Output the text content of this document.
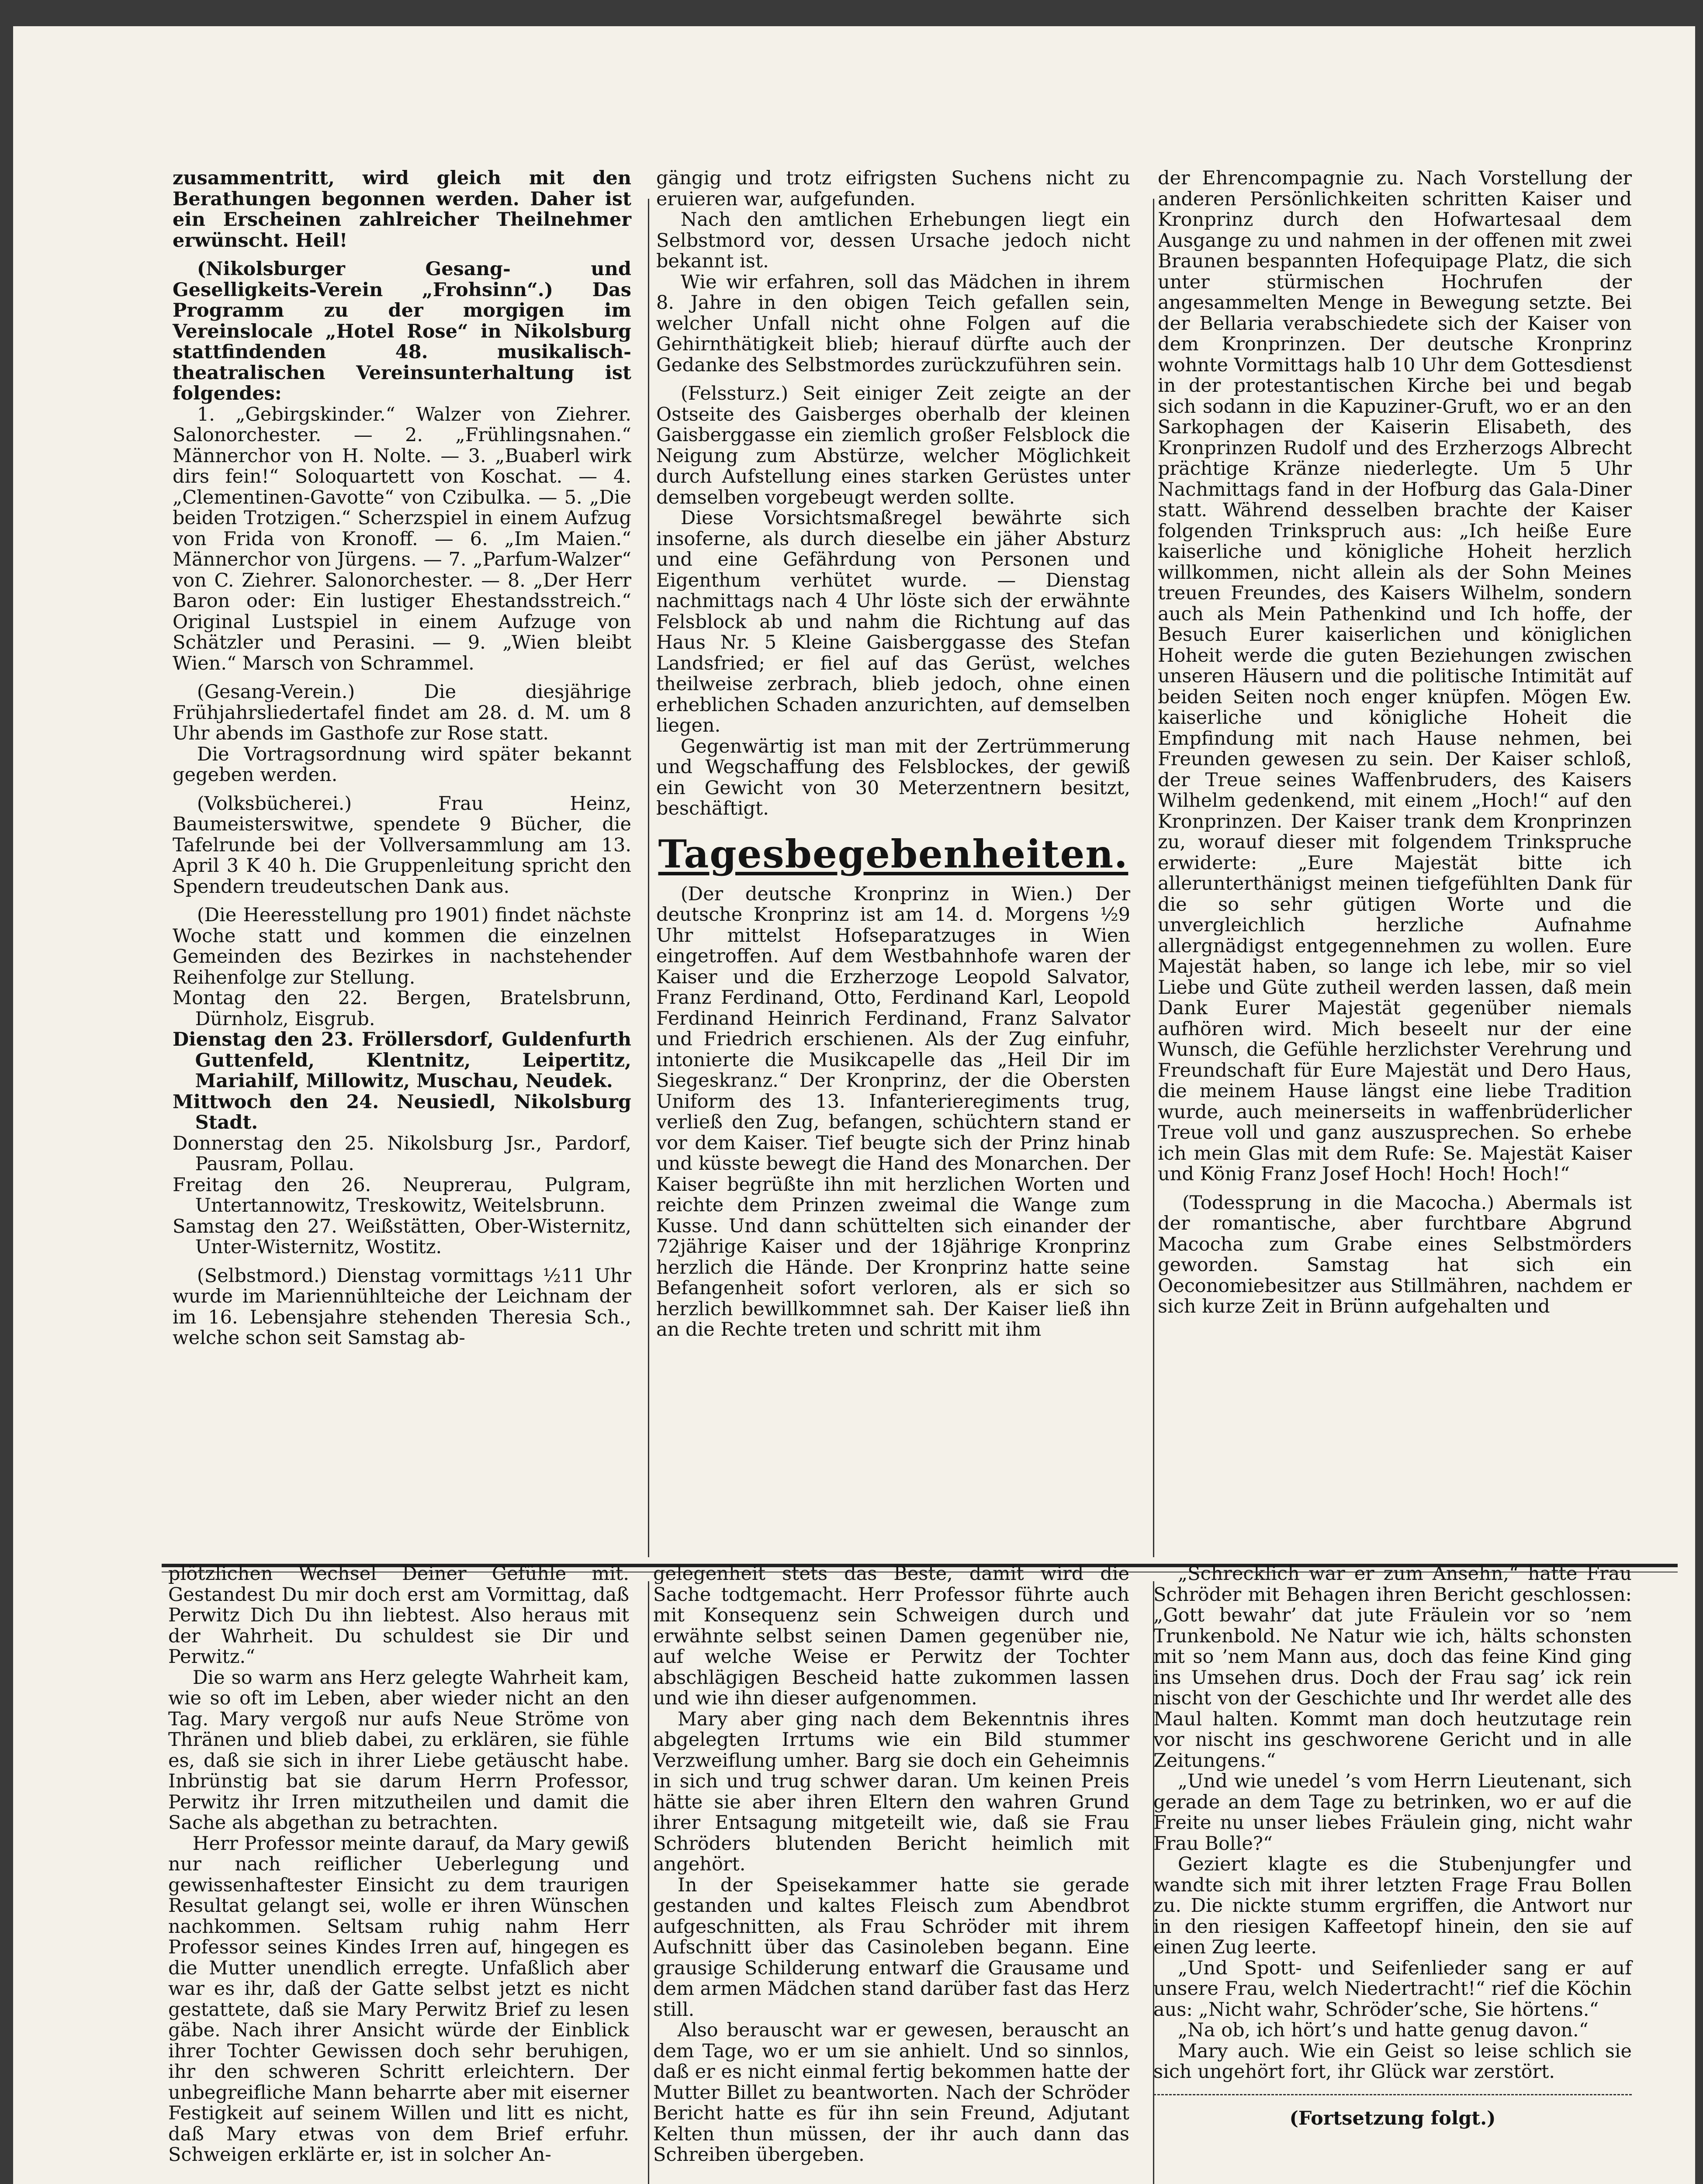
zusammentritt, wird gleich mit den Berathungen begonnen werden. Daher ist ein Erscheinen zahlreicher Theilnehmer erwünscht. Heil!

(Nikolsburger Gesang- und Geselligkeits-Verein „Frohsinn“.) Das Programm zu der morgigen im Vereinslocale „Hotel Rose“ in Nikolsburg stattfindenden 48. musikalisch-theatralischen Vereinsunterhaltung ist folgendes:

1. „Gebirgskinder.“ Walzer von Ziehrer. Salonorchester. — 2. „Frühlingsnahen.“ Männerchor von H. Nolte. — 3. „Buaberl wirk dirs fein!“ Soloquartett von Koschat. — 4. „Clementinen-Gavotte“ von Czibulka. — 5. „Die beiden Trotzigen.“ Scherzspiel in einem Aufzug von Frida von Kronoff. — 6. „Im Maien.“ Männerchor von Jürgens. — 7. „Parfum-Walzer“ von C. Ziehrer. Salonorchester. — 8. „Der Herr Baron oder: Ein lustiger Ehestandsstreich.“ Original Lustspiel in einem Aufzuge von Schätzler und Perasini. — 9. „Wien bleibt Wien.“ Marsch von Schrammel.

(Gesang-Verein.) Die diesjährige Frühjahrsliedertafel findet am 28. d. M. um 8 Uhr abends im Gasthofe zur Rose statt.

Die Vortragsordnung wird später bekannt gegeben werden.

(Volksbücherei.) Frau Heinz, Baumeisterswitwe, spendete 9 Bücher, die Tafelrunde bei der Vollversammlung am 13. April 3 K 40 h. Die Gruppenleitung spricht den Spendern treudeutschen Dank aus.

(Die Heeresstellung pro 1901) findet nächste Woche statt und kommen die einzelnen Gemeinden des Bezirkes in nachstehender Reihenfolge zur Stellung.

Montag den 22. Bergen, Bratelsbrunn, Dürnholz, Eisgrub.

Dienstag den 23. Fröllersdorf, Guldenfurth Guttenfeld, Klentnitz, Leipertitz, Mariahilf, Millowitz, Muschau, Neudek.

Mittwoch den 24. Neusiedl, Nikolsburg Stadt.

Donnerstag den 25. Nikolsburg Jsr., Pardorf, Pausram, Pollau.

Freitag den 26. Neuprerau, Pulgram, Untertannowitz, Treskowitz, Weitelsbrunn.

Samstag den 27. Weißstätten, Ober-Wisternitz, Unter-Wisternitz, Wostitz.

(Selbstmord.) Dienstag vormittags ½11 Uhr wurde im Mariennühlteiche der Leichnam der im 16. Lebensjahre stehenden Theresia Sch., welche schon seit Samstag ab-

gängig und trotz eifrigsten Suchens nicht zu eruieren war, aufgefunden.

Nach den amtlichen Erhebungen liegt ein Selbstmord vor, dessen Ursache jedoch nicht bekannt ist.

Wie wir erfahren, soll das Mädchen in ihrem 8. Jahre in den obigen Teich gefallen sein, welcher Unfall nicht ohne Folgen auf die Gehirnthätigkeit blieb; hierauf dürfte auch der Gedanke des Selbstmordes zurückzuführen sein.

(Felssturz.) Seit einiger Zeit zeigte an der Ostseite des Gaisberges oberhalb der kleinen Gaisberggasse ein ziemlich großer Felsblock die Neigung zum Abstürze, welcher Möglichkeit durch Aufstellung eines starken Gerüstes unter demselben vorgebeugt werden sollte.

Diese Vorsichtsmaßregel bewährte sich insoferne, als durch dieselbe ein jäher Absturz und eine Gefährdung von Personen und Eigenthum verhütet wurde. — Dienstag nachmittags nach 4 Uhr löste sich der erwähnte Felsblock ab und nahm die Richtung auf das Haus Nr. 5 Kleine Gaisberggasse des Stefan Landsfried; er fiel auf das Gerüst, welches theilweise zerbrach, blieb jedoch, ohne einen erheblichen Schaden anzurichten, auf demselben liegen.

Gegenwärtig ist man mit der Zertrümmerung und Wegschaffung des Felsblockes, der gewiß ein Gewicht von 30 Meterzentnern besitzt, beschäftigt.

Tagesbegebenheiten.

(Der deutsche Kronprinz in Wien.) Der deutsche Kronprinz ist am 14. d. Morgens ½9 Uhr mittelst Hofseparatzuges in Wien eingetroffen. Auf dem Westbahnhofe waren der Kaiser und die Erzherzoge Leopold Salvator, Franz Ferdinand, Otto, Ferdinand Karl, Leopold Ferdinand Heinrich Ferdinand, Franz Salvator und Friedrich erschienen. Als der Zug einfuhr, intonierte die Musikcapelle das „Heil Dir im Siegeskranz.“ Der Kronprinz, der die Obersten Uniform des 13. Infanterieregiments trug, verließ den Zug, befangen, schüchtern stand er vor dem Kaiser. Tief beugte sich der Prinz hinab und küsste bewegt die Hand des Monarchen. Der Kaiser begrüßte ihn mit herzlichen Worten und reichte dem Prinzen zweimal die Wange zum Kusse. Und dann schüttelten sich einander der 72jährige Kaiser und der 18jährige Kronprinz herzlich die Hände. Der Kronprinz hatte seine Befangenheit sofort verloren, als er sich so herzlich bewillkommnet sah. Der Kaiser ließ ihn an die Rechte treten und schritt mit ihm

der Ehrencompagnie zu. Nach Vorstellung der anderen Persönlichkeiten schritten Kaiser und Kronprinz durch den Hofwartesaal dem Ausgange zu und nahmen in der offenen mit zwei Braunen bespannten Hofequipage Platz, die sich unter stürmischen Hochrufen der angesammelten Menge in Bewegung setzte. Bei der Bellaria verabschiedete sich der Kaiser von dem Kronprinzen. Der deutsche Kronprinz wohnte Vormittags halb 10 Uhr dem Gottesdienst in der protestantischen Kirche bei und begab sich sodann in die Kapuziner-Gruft, wo er an den Sarkophagen der Kaiserin Elisabeth, des Kronprinzen Rudolf und des Erzherzogs Albrecht prächtige Kränze niederlegte. Um 5 Uhr Nachmittags fand in der Hofburg das Gala-Diner statt. Während desselben brachte der Kaiser folgenden Trinkspruch aus: „Ich heiße Eure kaiserliche und königliche Hoheit herzlich willkommen, nicht allein als der Sohn Meines treuen Freundes, des Kaisers Wilhelm, sondern auch als Mein Pathenkind und Ich hoffe, der Besuch Eurer kaiserlichen und königlichen Hoheit werde die guten Beziehungen zwischen unseren Häusern und die politische Intimität auf beiden Seiten noch enger knüpfen. Mögen Ew. kaiserliche und königliche Hoheit die Empfindung mit nach Hause nehmen, bei Freunden gewesen zu sein. Der Kaiser schloß, der Treue seines Waffenbruders, des Kaisers Wilhelm gedenkend, mit einem „Hoch!“ auf den Kronprinzen. Der Kaiser trank dem Kronprinzen zu, worauf dieser mit folgendem Trinkspruche erwiderte: „Eure Majestät bitte ich allerunterthänigst meinen tiefgefühlten Dank für die so sehr gütigen Worte und die unvergleichlich herzliche Aufnahme allergnädigst entgegennehmen zu wollen. Eure Majestät haben, so lange ich lebe, mir so viel Liebe und Güte zutheil werden lassen, daß mein Dank Eurer Majestät gegenüber niemals aufhören wird. Mich beseelt nur der eine Wunsch, die Gefühle herzlichster Verehrung und Freundschaft für Eure Majestät und Dero Haus, die meinem Hause längst eine liebe Tradition wurde, auch meinerseits in waffenbrüderlicher Treue voll und ganz auszusprechen. So erhebe ich mein Glas mit dem Rufe: Se. Majestät Kaiser und König Franz Josef Hoch! Hoch! Hoch!“

(Todessprung in die Macocha.) Abermals ist der romantische, aber furchtbare Abgrund Macocha zum Grabe eines Selbstmörders geworden. Samstag hat sich ein Oeconomiebesitzer aus Stillmähren, nachdem er sich kurze Zeit in Brünn aufgehalten und

plötzlichen Wechsel Deiner Gefühle mit. Gestandest Du mir doch erst am Vormittag, daß Perwitz Dich Du ihn liebtest. Also heraus mit der Wahrheit. Du schuldest sie Dir und Perwitz.“

Die so warm ans Herz gelegte Wahrheit kam, wie so oft im Leben, aber wieder nicht an den Tag. Mary vergoß nur aufs Neue Ströme von Thränen und blieb dabei, zu erklären, sie fühle es, daß sie sich in ihrer Liebe getäuscht habe. Inbrünstig bat sie darum Herrn Professor, Perwitz ihr Irren mitzutheilen und damit die Sache als abgethan zu betrachten.

Herr Professor meinte darauf, da Mary gewiß nur nach reiflicher Ueberlegung und gewissenhaftester Einsicht zu dem traurigen Resultat gelangt sei, wolle er ihren Wünschen nachkommen. Seltsam ruhig nahm Herr Professor seines Kindes Irren auf, hingegen es die Mutter unendlich erregte. Unfaßlich aber war es ihr, daß der Gatte selbst jetzt es nicht gestattete, daß sie Mary Perwitz Brief zu lesen gäbe. Nach ihrer Ansicht würde der Einblick ihrer Tochter Gewissen doch sehr beruhigen, ihr den schweren Schritt erleichtern. Der unbegreifliche Mann beharrte aber mit eiserner Festigkeit auf seinem Willen und litt es nicht, daß Mary etwas von dem Brief erfuhr. Schweigen erklärte er, ist in solcher An-

gelegenheit stets das Beste, damit wird die Sache todtgemacht. Herr Professor führte auch mit Konsequenz sein Schweigen durch und erwähnte selbst seinen Damen gegenüber nie, auf welche Weise er Perwitz der Tochter abschlägigen Bescheid hatte zukommen lassen und wie ihn dieser aufgenommen.

Mary aber ging nach dem Bekenntnis ihres abgelegten Irrtums wie ein Bild stummer Verzweiflung umher. Barg sie doch ein Geheimnis in sich und trug schwer daran. Um keinen Preis hätte sie aber ihren Eltern den wahren Grund ihrer Entsagung mitgeteilt wie, daß sie Frau Schröders blutenden Bericht heimlich mit angehört.

In der Speisekammer hatte sie gerade gestanden und kaltes Fleisch zum Abendbrot aufgeschnitten, als Frau Schröder mit ihrem Aufschnitt über das Casinoleben begann. Eine grausige Schilderung entwarf die Grausame und dem armen Mädchen stand darüber fast das Herz still.

Also berauscht war er gewesen, berauscht an dem Tage, wo er um sie anhielt. Und so sinnlos, daß er es nicht einmal fertig bekommen hatte der Mutter Billet zu beantworten. Nach der Schröder Bericht hatte es für ihn sein Freund, Adjutant Kelten thun müssen, der ihr auch dann das Schreiben übergeben.

„Schrecklich war er zum Ansehn,“ hatte Frau Schröder mit Behagen ihren Bericht geschlossen: „Gott bewahr’ dat jute Fräulein vor so ’nem Trunkenbold. Ne Natur wie ich, hälts schonsten mit so ’nem Mann aus, doch das feine Kind ging ins Umsehen drus. Doch der Frau sag’ ick rein nischt von der Geschichte und Ihr werdet alle des Maul halten. Kommt man doch heutzutage rein vor nischt ins geschworene Gericht und in alle Zeitungens.“

„Und wie unedel ’s vom Herrn Lieutenant, sich gerade an dem Tage zu betrinken, wo er auf die Freite nu unser liebes Fräulein ging, nicht wahr Frau Bolle?“

Geziert klagte es die Stubenjungfer und wandte sich mit ihrer letzten Frage Frau Bollen zu. Die nickte stumm ergriffen, die Antwort nur in den riesigen Kaffeetopf hinein, den sie auf einen Zug leerte.

„Und Spott- und Seifenlieder sang er auf unsere Frau, welch Niedertracht!“ rief die Köchin aus: „Nicht wahr, Schröder’sche, Sie hörtens.“

„Na ob, ich hört’s und hatte genug davon.“

Mary auch. Wie ein Geist so leise schlich sie sich ungehört fort, ihr Glück war zerstört.

(Fortsetzung folgt.)
